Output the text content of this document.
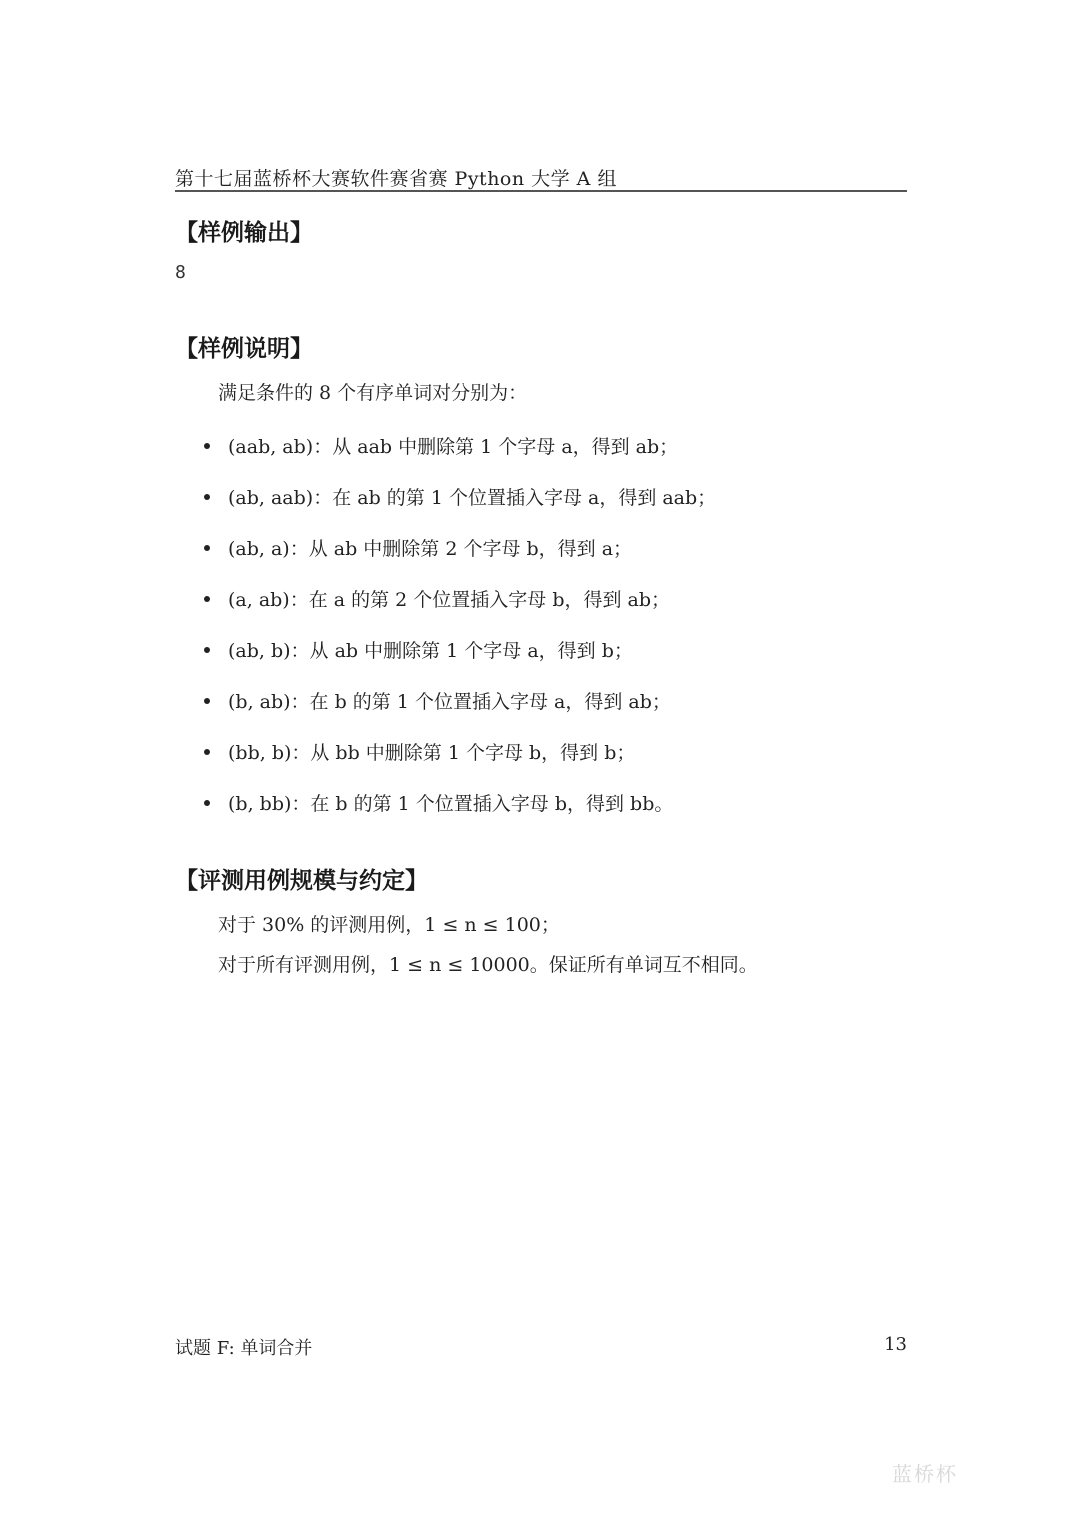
第十七届蓝桥杯大赛软件赛省赛 Python 大学 A 组
【样例输出】
8
【样例说明】
满足条件的 8 个有序单词对分别为：
(aab, ab)：从 aab 中删除第 1 个字母 a，得到 ab；
(ab, aab)：在 ab 的第 1 个位置插入字母 a，得到 aab；
(ab, a)：从 ab 中删除第 2 个字母 b，得到 a；
(a, ab)：在 a 的第 2 个位置插入字母 b，得到 ab；
(ab, b)：从 ab 中删除第 1 个字母 a，得到 b；
(b, ab)：在 b 的第 1 个位置插入字母 a，得到 ab；
(bb, b)：从 bb 中删除第 1 个字母 b，得到 b；
(b, bb)：在 b 的第 1 个位置插入字母 b，得到 bb。
【评测用例规模与约定】
对于 30% 的评测用例，1 ≤ n ≤ 100；
对于所有评测用例，1 ≤ n ≤ 10000。保证所有单词互不相同。
试题 F: 单词合并	13
蓝桥杯
